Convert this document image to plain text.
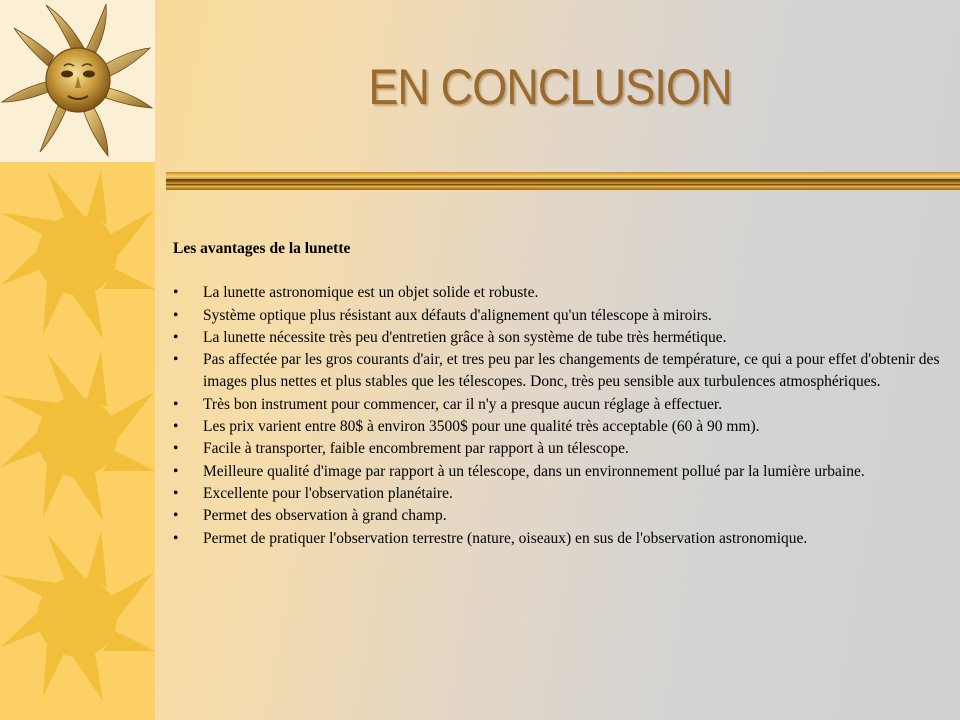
EN CONCLUSION
Les avantages de la lunette
• La lunette astronomique est un objet solide et robuste.
• Système optique plus résistant aux défauts d'alignement qu'un télescope à miroirs.
• La lunette nécessite très peu d'entretien grâce à son système de tube très hermétique.
• Pas affectée par les gros courants d'air, et tres peu par les changements de température, ce qui a pour effet d'obtenir des images plus nettes et plus stables que les télescopes. Donc, très peu sensible aux turbulences atmosphériques.
• Très bon instrument pour commencer, car il n'y a presque aucun réglage à effectuer.
• Les prix varient entre 80$ à environ 3500$ pour une qualité très acceptable (60 à 90 mm).
• Facile à transporter, faible encombrement par rapport à un télescope.
• Meilleure qualité d'image par rapport à un télescope, dans un environnement pollué par la lumière urbaine.
• Excellente pour l'observation planétaire.
• Permet des observation à grand champ.
• Permet de pratiquer l'observation terrestre (nature, oiseaux) en sus de l'observation astronomique.
